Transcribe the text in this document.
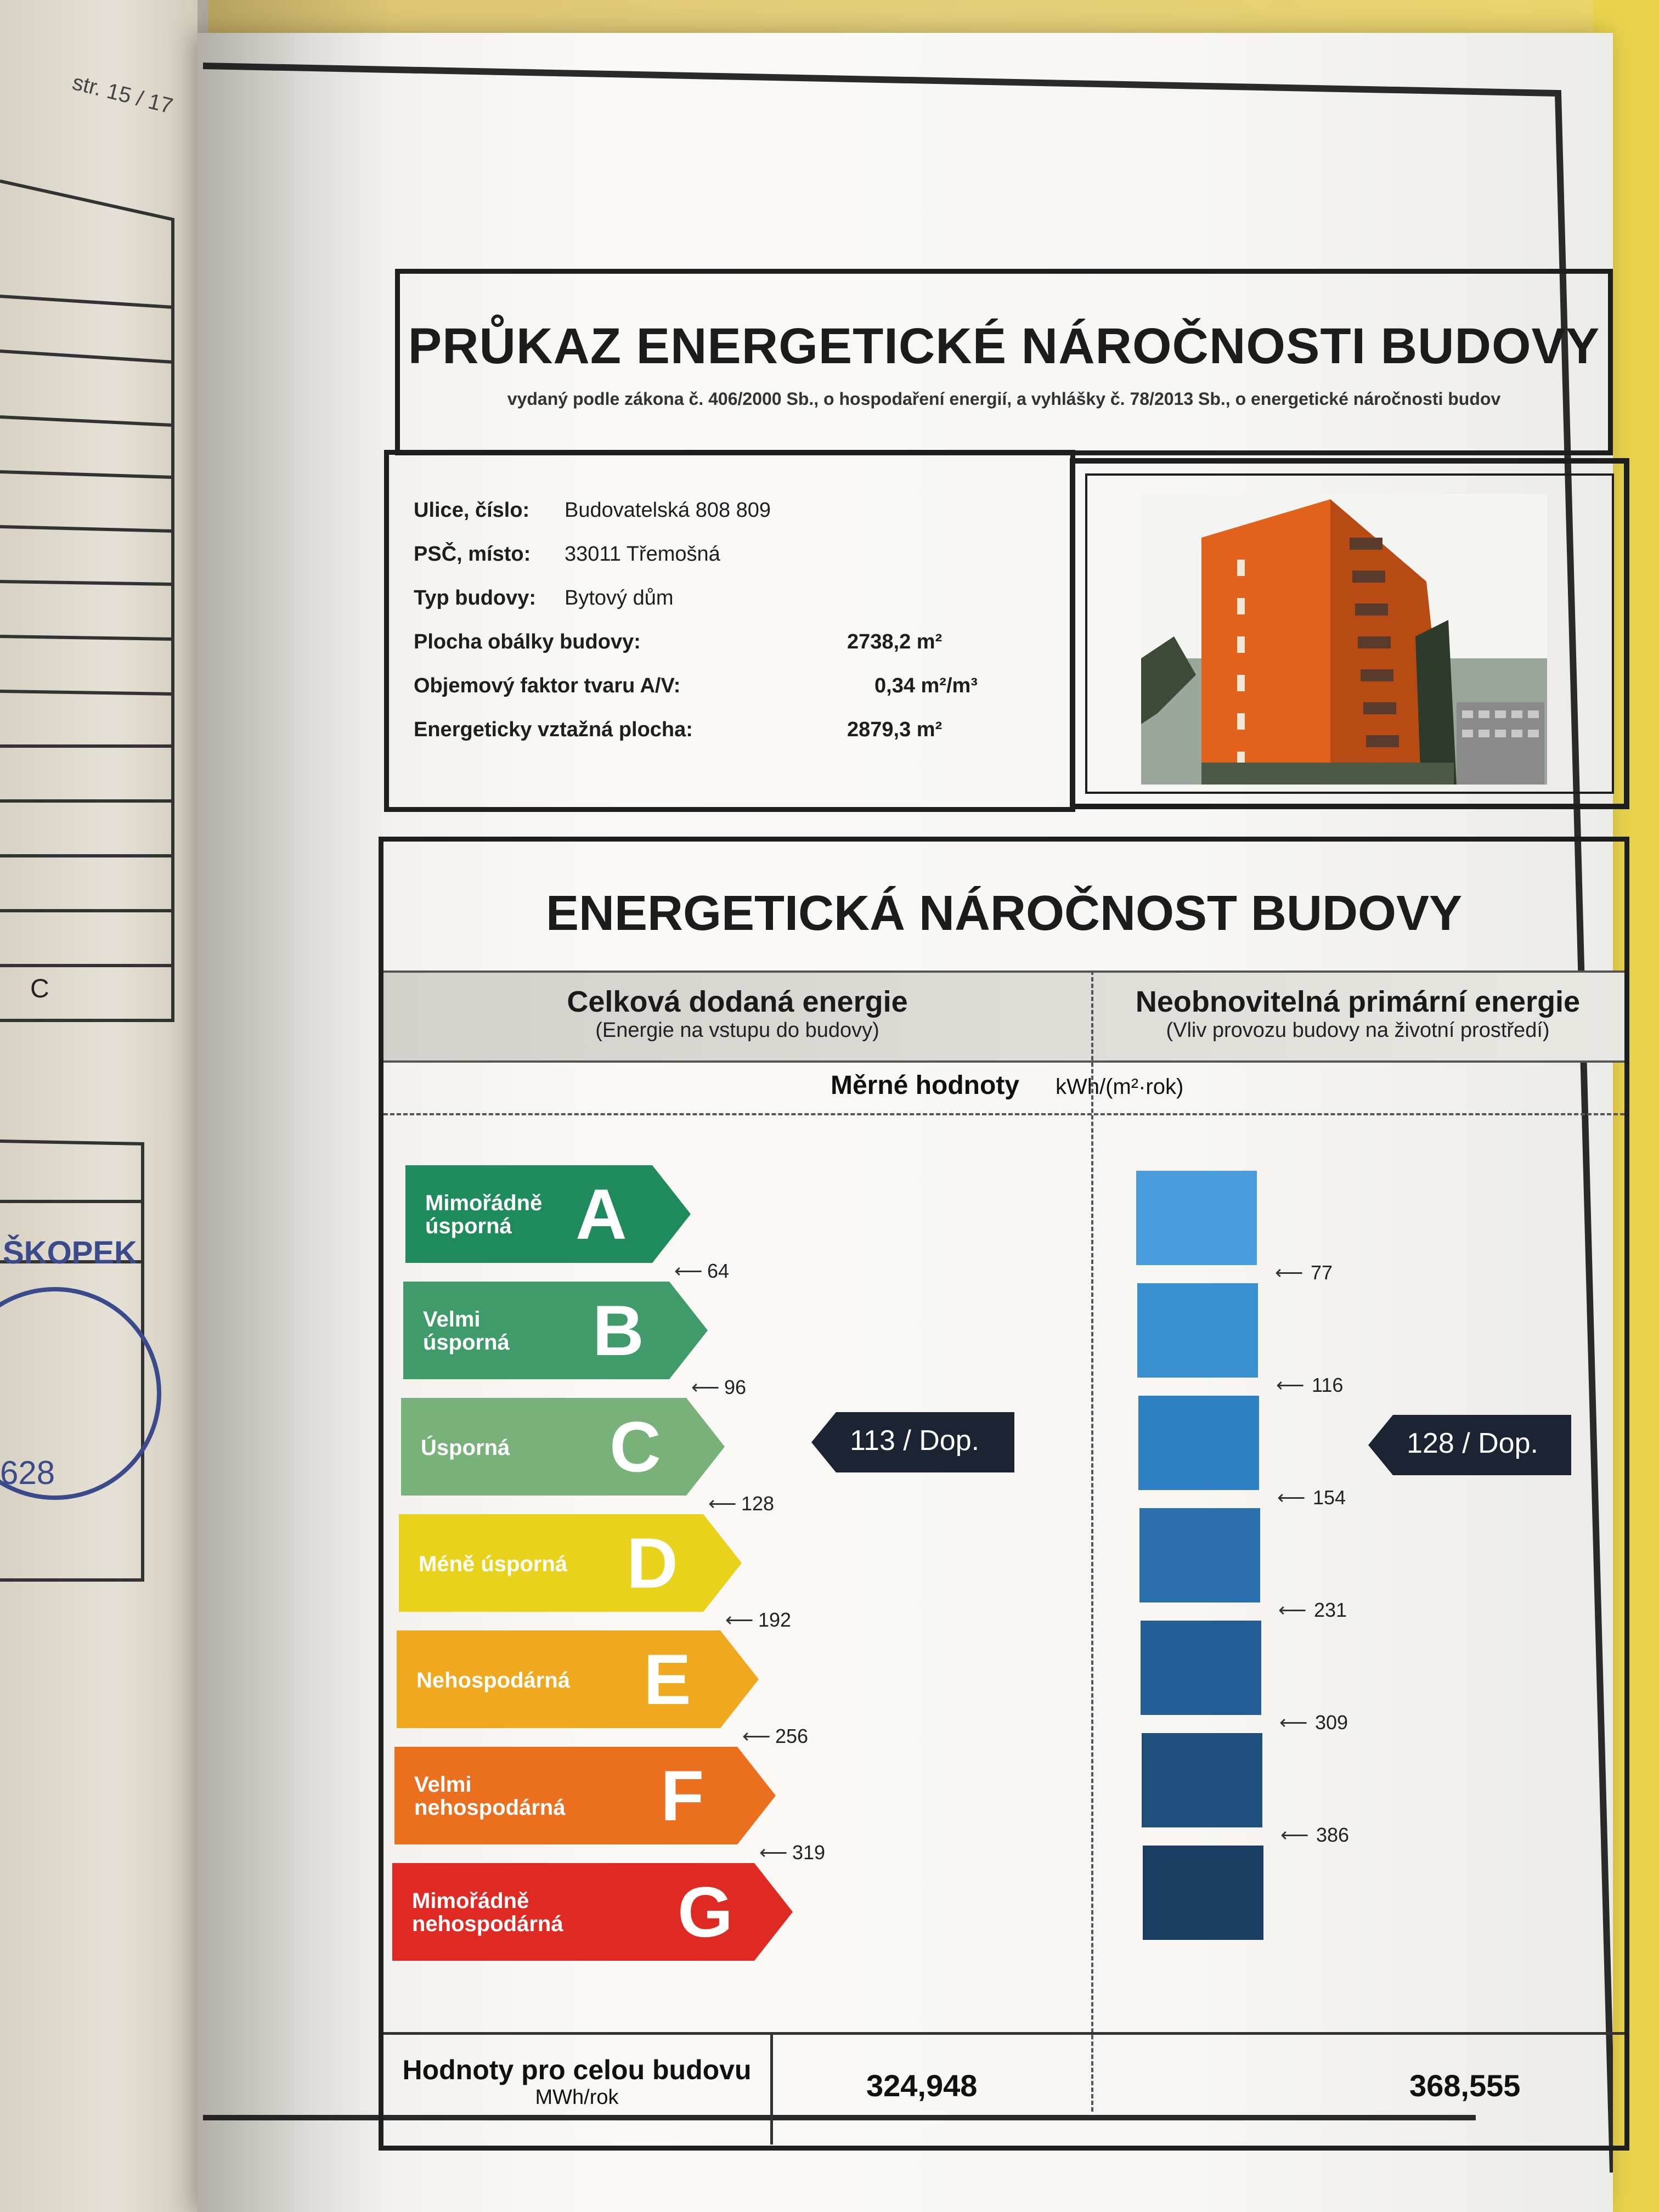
str. 15 / 17
C
ŠKOPEK
628
PRŮKAZ ENERGETICKÉ NÁROČNOSTI BUDOVY
vydaný podle zákona č. 406/2000 Sb., o hospodaření energií, a vyhlášky č. 78/2013 Sb., o energetické náročnosti budov
Ulice, číslo: Budovatelská 808 809
PSČ, místo: 33011 Třemošná
Typ budovy: Bytový dům
Plocha obálky budovy:	2738,2 m²
Objemový faktor tvaru A/V:	0,34 m²/m³
Energeticky vztažná plocha:	2879,3 m²
ENERGETICKÁ NÁROČNOST BUDOVY
Celková dodaná energie
(Energie na vstupu do budovy)
Neobnovitelná primární energie
(Vliv provozu budovy na životní prostředí)
Měrné hodnoty kWh/(m²·rok)
Mimořádně
úsporná A
⟵ 64
Velmi
úsporná B
⟵ 96
Úsporná C
⟵ 128
Méně úsporná D
⟵ 192
Nehospodárná E
⟵ 256
Velmi
nehospodárná F
⟵ 319
Mimořádně
nehospodárná G
⟵ 77
⟵ 116
⟵ 154
⟵ 231
⟵ 309
⟵ 386
113 / Dop.	128 / Dop.
Hodnoty pro celou budovu
MWh/rok	324,948	368,555
